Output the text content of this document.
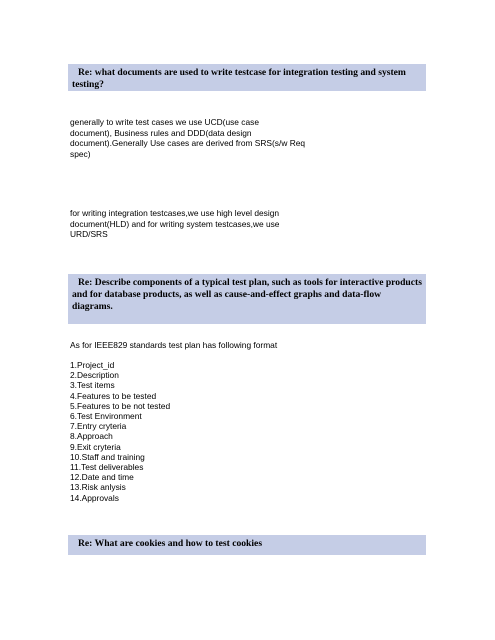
Re: what documents are used to write testcase for integration testing and system testing?
generally to write test cases we use UCD(use case
document), Business rules and DDD(data design
document).Generally Use cases are derived from SRS(s/w Req
spec)
for writing integration testcases,we use high level design
document(HLD) and for writing system testcases,we use
URD/SRS
Re: Describe components of a typical test plan, such as tools for interactive products and for database products, as well as cause-and-effect graphs and data-flow diagrams.
As for IEEE829 standards test plan has following format
1.Project_id
2.Description
3.Test items
4.Features to be tested
5.Features to be not tested
6.Test Environment
7.Entry cryteria
8.Approach
9.Exit cryteria
10.Staff and training
11.Test deliverables
12.Date and time
13.Risk anlysis
14.Approvals
Re: What are cookies and how to test cookies
